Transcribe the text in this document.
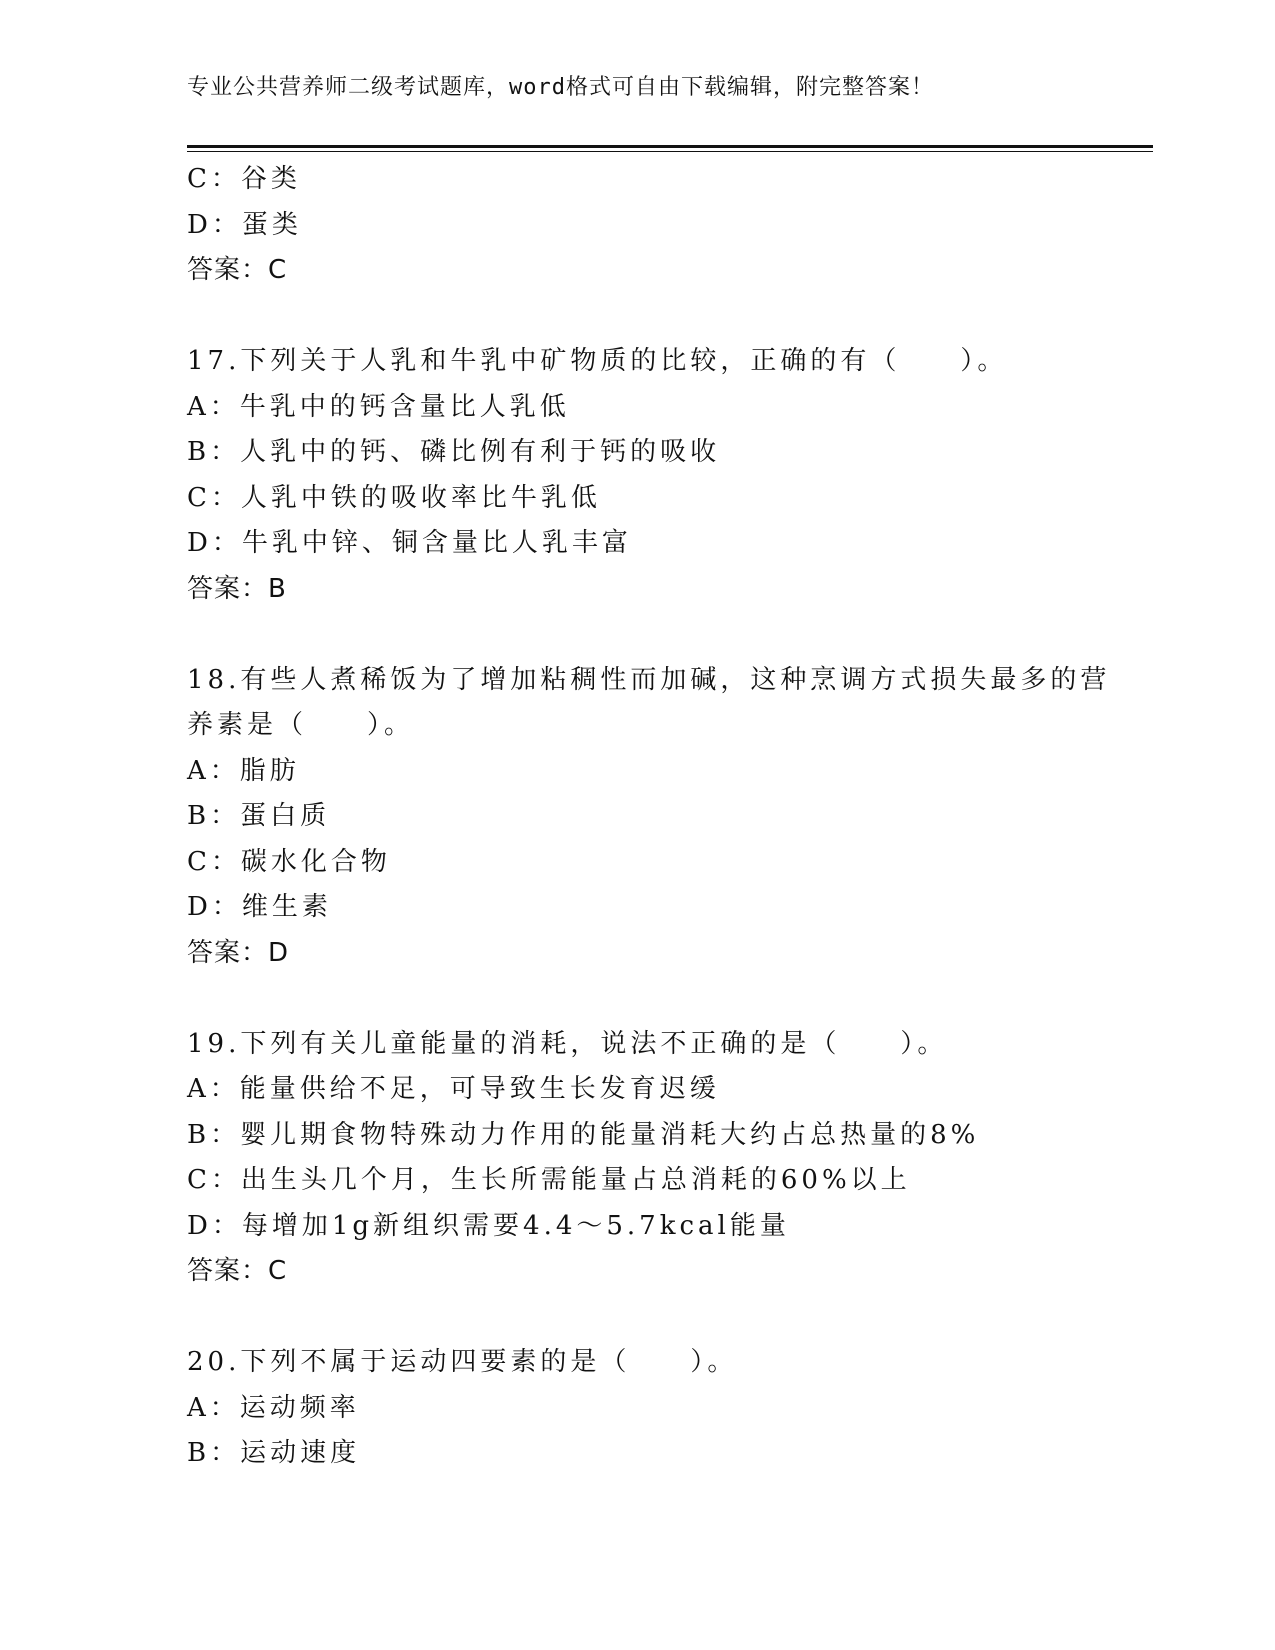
专业公共营养师二级考试题库，word格式可自由下载编辑，附完整答案！
C：谷类
D：蛋类
答案：C
17.下列关于人乳和牛乳中矿物质的比较，正确的有（　　）。
A：牛乳中的钙含量比人乳低
B：人乳中的钙、磷比例有利于钙的吸收
C：人乳中铁的吸收率比牛乳低
D：牛乳中锌、铜含量比人乳丰富
答案：B
18.有些人煮稀饭为了增加粘稠性而加碱，这种烹调方式损失最多的营
养素是（　　）。
A：脂肪
B：蛋白质
C：碳水化合物
D：维生素
答案：D
19.下列有关儿童能量的消耗，说法不正确的是（　　）。
A：能量供给不足，可导致生长发育迟缓
B：婴儿期食物特殊动力作用的能量消耗大约占总热量的8%
C：出生头几个月，生长所需能量占总消耗的60%以上
D：每增加1g新组织需要4.4～5.7kcal能量
答案：C
20.下列不属于运动四要素的是（　　）。
A：运动频率
B：运动速度
